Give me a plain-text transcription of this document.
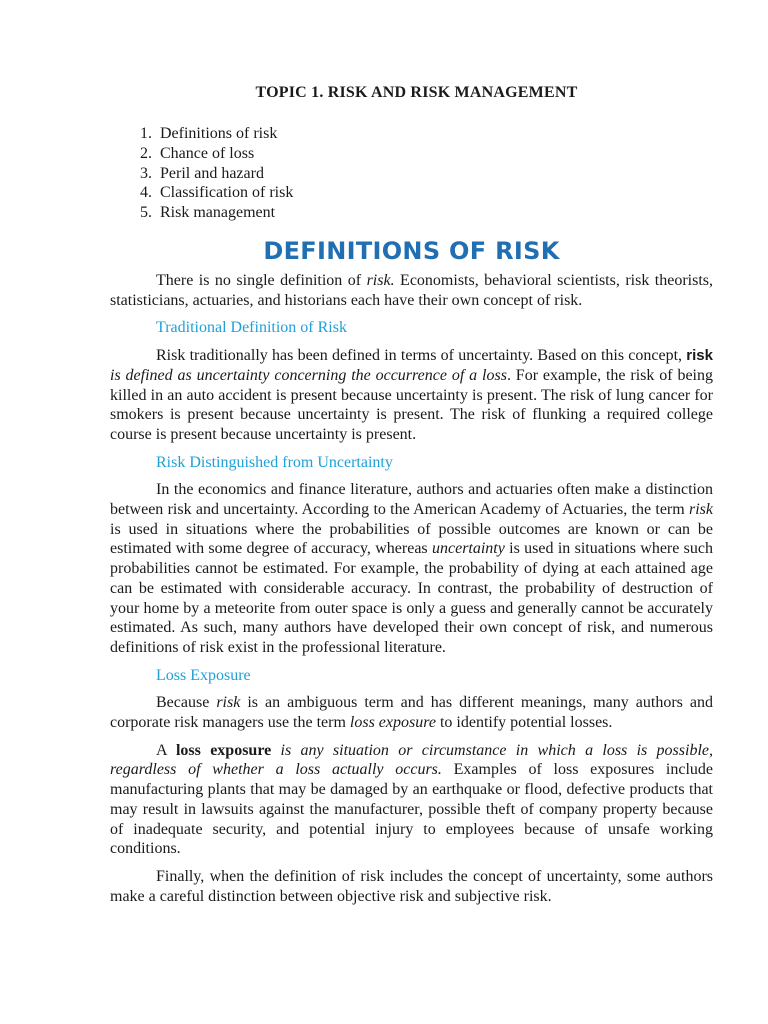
TOPIC 1. RISK AND RISK MANAGEMENT
1. Definitions of risk
2. Chance of loss
3. Peril and hazard
4. Classification of risk
5. Risk management
DEFINITIONS OF RISK

There is no single definition of risk. Economists, behavioral scientists, risk theorists, statisticians, actuaries, and historians each have their own concept of risk.

Traditional Definition of Risk

Risk traditionally has been defined in terms of uncertainty. Based on this concept, risk is defined as uncertainty concerning the occurrence of a loss. For example, the risk of being killed in an auto accident is present because uncertainty is present. The risk of lung cancer for smokers is present because uncertainty is present. The risk of flunking a required college course is present because uncertainty is present.

Risk Distinguished from Uncertainty

In the economics and finance literature, authors and actuaries often make a distinction between risk and uncertainty. According to the American Academy of Actuaries, the term risk is used in situations where the probabilities of possible outcomes are known or can be estimated with some degree of accuracy, whereas uncertainty is used in situations where such probabilities cannot be estimated. For example, the probability of dying at each attained age can be estimated with considerable accuracy. In contrast, the probability of destruction of your home by a meteorite from outer space is only a guess and generally cannot be accurately estimated. As such, many authors have developed their own concept of risk, and numerous definitions of risk exist in the professional literature.

Loss Exposure

Because risk is an ambiguous term and has different meanings, many authors and corporate risk managers use the term loss exposure to identify potential losses.

A loss exposure is any situation or circumstance in which a loss is possible, regardless of whether a loss actually occurs. Examples of loss exposures include manufacturing plants that may be damaged by an earthquake or flood, defective products that may result in lawsuits against the manufacturer, possible theft of company property because of inadequate security, and potential injury to employees because of unsafe working conditions.

Finally, when the definition of risk includes the concept of uncertainty, some authors make a careful distinction between objective risk and subjective risk.
